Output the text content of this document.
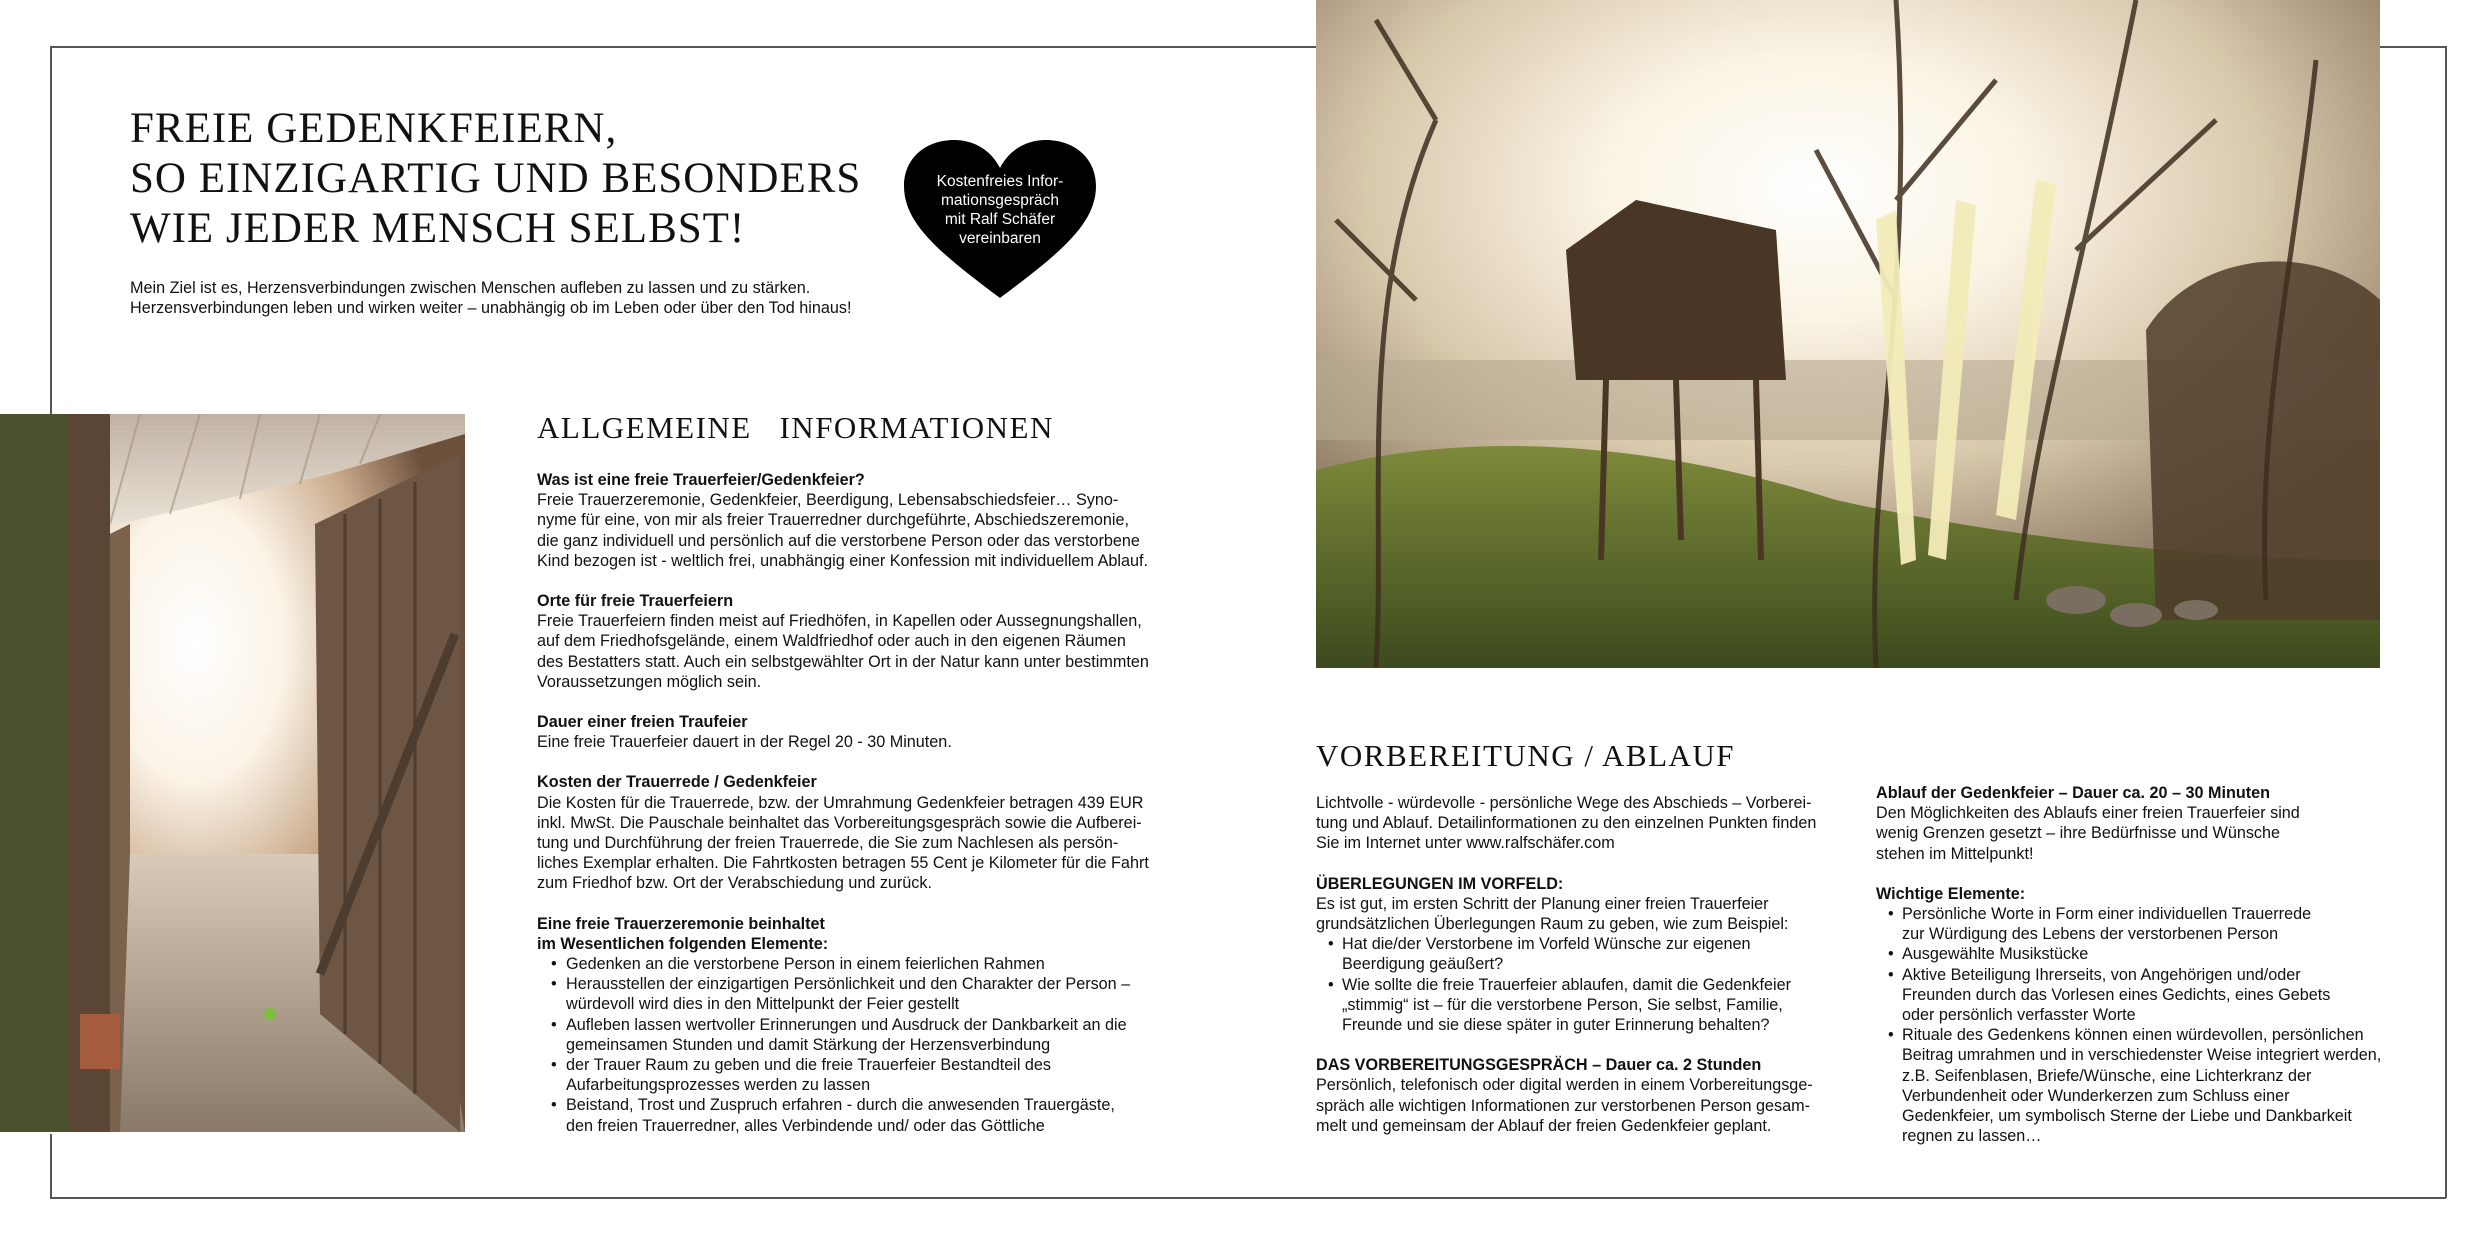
FREIE GEDENKFEIERN,
SO EINZIGARTIG UND BESONDERS
WIE JEDER MENSCH SELBST!
Mein Ziel ist es, Herzensverbindungen zwischen Menschen aufleben zu lassen und zu stärken.
Herzensverbindungen leben und wirken weiter – unabhängig ob im Leben oder über den Tod hinaus!
Kostenfreies Infor-
mationsgespräch
mit Ralf Schäfer
vereinbaren
ALLGEMEINE   INFORMATIONEN
Was ist eine freie Trauerfeier/Gedenkfeier?
Freie Trauerzeremonie, Gedenkfeier, Beerdigung, Lebensabschiedsfeier… Syno-
nyme für eine, von mir als freier Trauerredner durchgeführte, Abschiedszeremonie,
die ganz individuell und persönlich auf die verstorbene Person oder das verstorbene
Kind bezogen ist - weltlich frei, unabhängig einer Konfession mit individuellem Ablauf.
Orte für freie Trauerfeiern
Freie Trauerfeiern finden meist auf Friedhöfen, in Kapellen oder Aussegnungshallen,
auf dem Friedhofsgelände, einem Waldfriedhof oder auch in den eigenen Räumen
des Bestatters statt. Auch ein selbstgewählter Ort in der Natur kann unter bestimmten
Voraussetzungen möglich sein.
Dauer einer freien Traufeier
Eine freie Trauerfeier dauert in der Regel 20 - 30 Minuten.
Kosten der Trauerrede / Gedenkfeier
Die Kosten für die Trauerrede, bzw. der Umrahmung Gedenkfeier betragen 439 EUR
inkl. MwSt. Die Pauschale beinhaltet das Vorbereitungsgespräch sowie die Aufberei-
tung und Durchführung der freien Trauerrede, die Sie zum Nachlesen als persön-
liches Exemplar erhalten. Die Fahrtkosten betragen 55 Cent je Kilometer für die Fahrt
zum Friedhof bzw. Ort der Verabschiedung und zurück.
Eine freie Trauerzeremonie beinhaltet
im Wesentlichen folgenden Elemente:
• Gedenken an die verstorbene Person in einem feierlichen Rahmen
• Herausstellen der einzigartigen Persönlichkeit und den Charakter der Person –
würdevoll wird dies in den Mittelpunkt der Feier gestellt
• Aufleben lassen wertvoller Erinnerungen und Ausdruck der Dankbarkeit an die
gemeinsamen Stunden und damit Stärkung der Herzensverbindung
• der Trauer Raum zu geben und die freie Trauerfeier Bestandteil des
Aufarbeitungsprozesses werden zu lassen
• Beistand, Trost und Zuspruch erfahren - durch die anwesenden Trauergäste,
den freien Trauerredner, alles Verbindende und/ oder das Göttliche
VORBEREITUNG / ABLAUF
Lichtvolle - würdevolle - persönliche Wege des Abschieds – Vorberei-
tung und Ablauf. Detailinformationen zu den einzelnen Punkten finden
Sie im Internet unter www.ralfschäfer.com
ÜBERLEGUNGEN IM VORFELD:
Es ist gut, im ersten Schritt der Planung einer freien Trauerfeier
grundsätzlichen Überlegungen Raum zu geben, wie zum Beispiel:
• Hat die/der Verstorbene im Vorfeld Wünsche zur eigenen
Beerdigung geäußert?
• Wie sollte die freie Trauerfeier ablaufen, damit die Gedenkfeier
„stimmig“ ist – für die verstorbene Person, Sie selbst, Familie,
Freunde und sie diese später in guter Erinnerung behalten?
DAS VORBEREITUNGSGESPRÄCH – Dauer ca. 2 Stunden
Persönlich, telefonisch oder digital werden in einem Vorbereitungsge-
spräch alle wichtigen Informationen zur verstorbenen Person gesam-
melt und gemeinsam der Ablauf der freien Gedenkfeier geplant.
Ablauf der Gedenkfeier – Dauer ca. 20 – 30 Minuten
Den Möglichkeiten des Ablaufs einer freien Trauerfeier sind
wenig Grenzen gesetzt – ihre Bedürfnisse und Wünsche
stehen im Mittelpunkt!
Wichtige Elemente:
• Persönliche Worte in Form einer individuellen Trauerrede
zur Würdigung des Lebens der verstorbenen Person
• Ausgewählte Musikstücke
• Aktive Beteiligung Ihrerseits, von Angehörigen und/oder
Freunden durch das Vorlesen eines Gedichts, eines Gebets
oder persönlich verfasster Worte
• Rituale des Gedenkens können einen würdevollen, persönlichen
Beitrag umrahmen und in verschiedenster Weise integriert werden,
z.B. Seifenblasen, Briefe/Wünsche, eine Lichterkranz der
Verbundenheit oder Wunderkerzen zum Schluss einer
Gedenkfeier, um symbolisch Sterne der Liebe und Dankbarkeit
regnen zu lassen…
